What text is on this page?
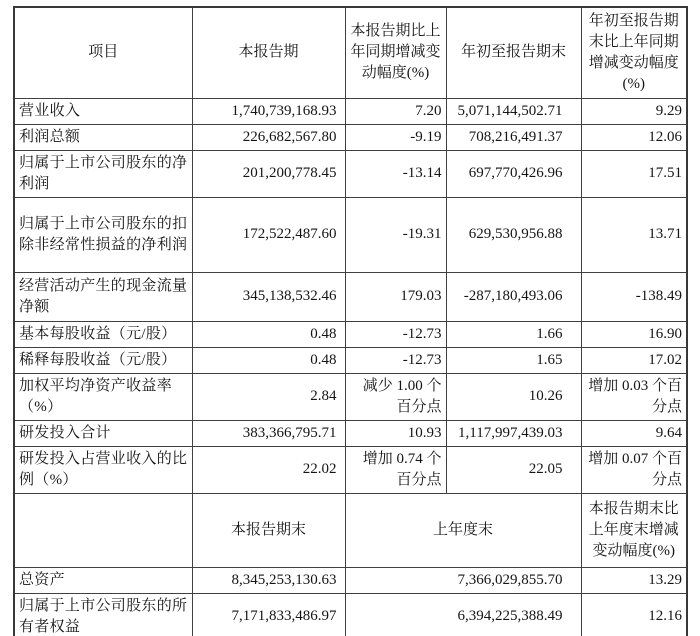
项目	本报告期	本报告期比上年同期增减变动幅度(%)	年初至报告期末	年初至报告期末比上年同期增减变动幅度(%)
营业收入	1,740,739,168.93	7.20	5,071,144,502.71	9.29
利润总额	226,682,567.80	-9.19	708,216,491.37	12.06
归属于上市公司股东的净利润	201,200,778.45	-13.14	697,770,426.96	17.51
归属于上市公司股东的扣除非经常性损益的净利润	172,522,487.60	-19.31	629,530,956.88	13.71
经营活动产生的现金流量净额	345,138,532.46	179.03	-287,180,493.06	-138.49
基本每股收益（元/股）	0.48	-12.73	1.66	16.90
稀释每股收益（元/股）	0.48	-12.73	1.65	17.02
加权平均净资产收益率（%）	2.84	减少 1.00 个百分点	10.26	增加 0.03 个百分点
研发投入合计	383,366,795.71	10.93	1,117,997,439.03	9.64
研发投入占营业收入的比例（%）	22.02	增加 0.74 个百分点	22.05	增加 0.07 个百分点
	本报告期末	上年度末		本报告期末比上年度末增减变动幅度(%)
总资产	8,345,253,130.63	7,366,029,855.70		13.29
归属于上市公司股东的所有者权益	7,171,833,486.97	6,394,225,388.49		12.16
